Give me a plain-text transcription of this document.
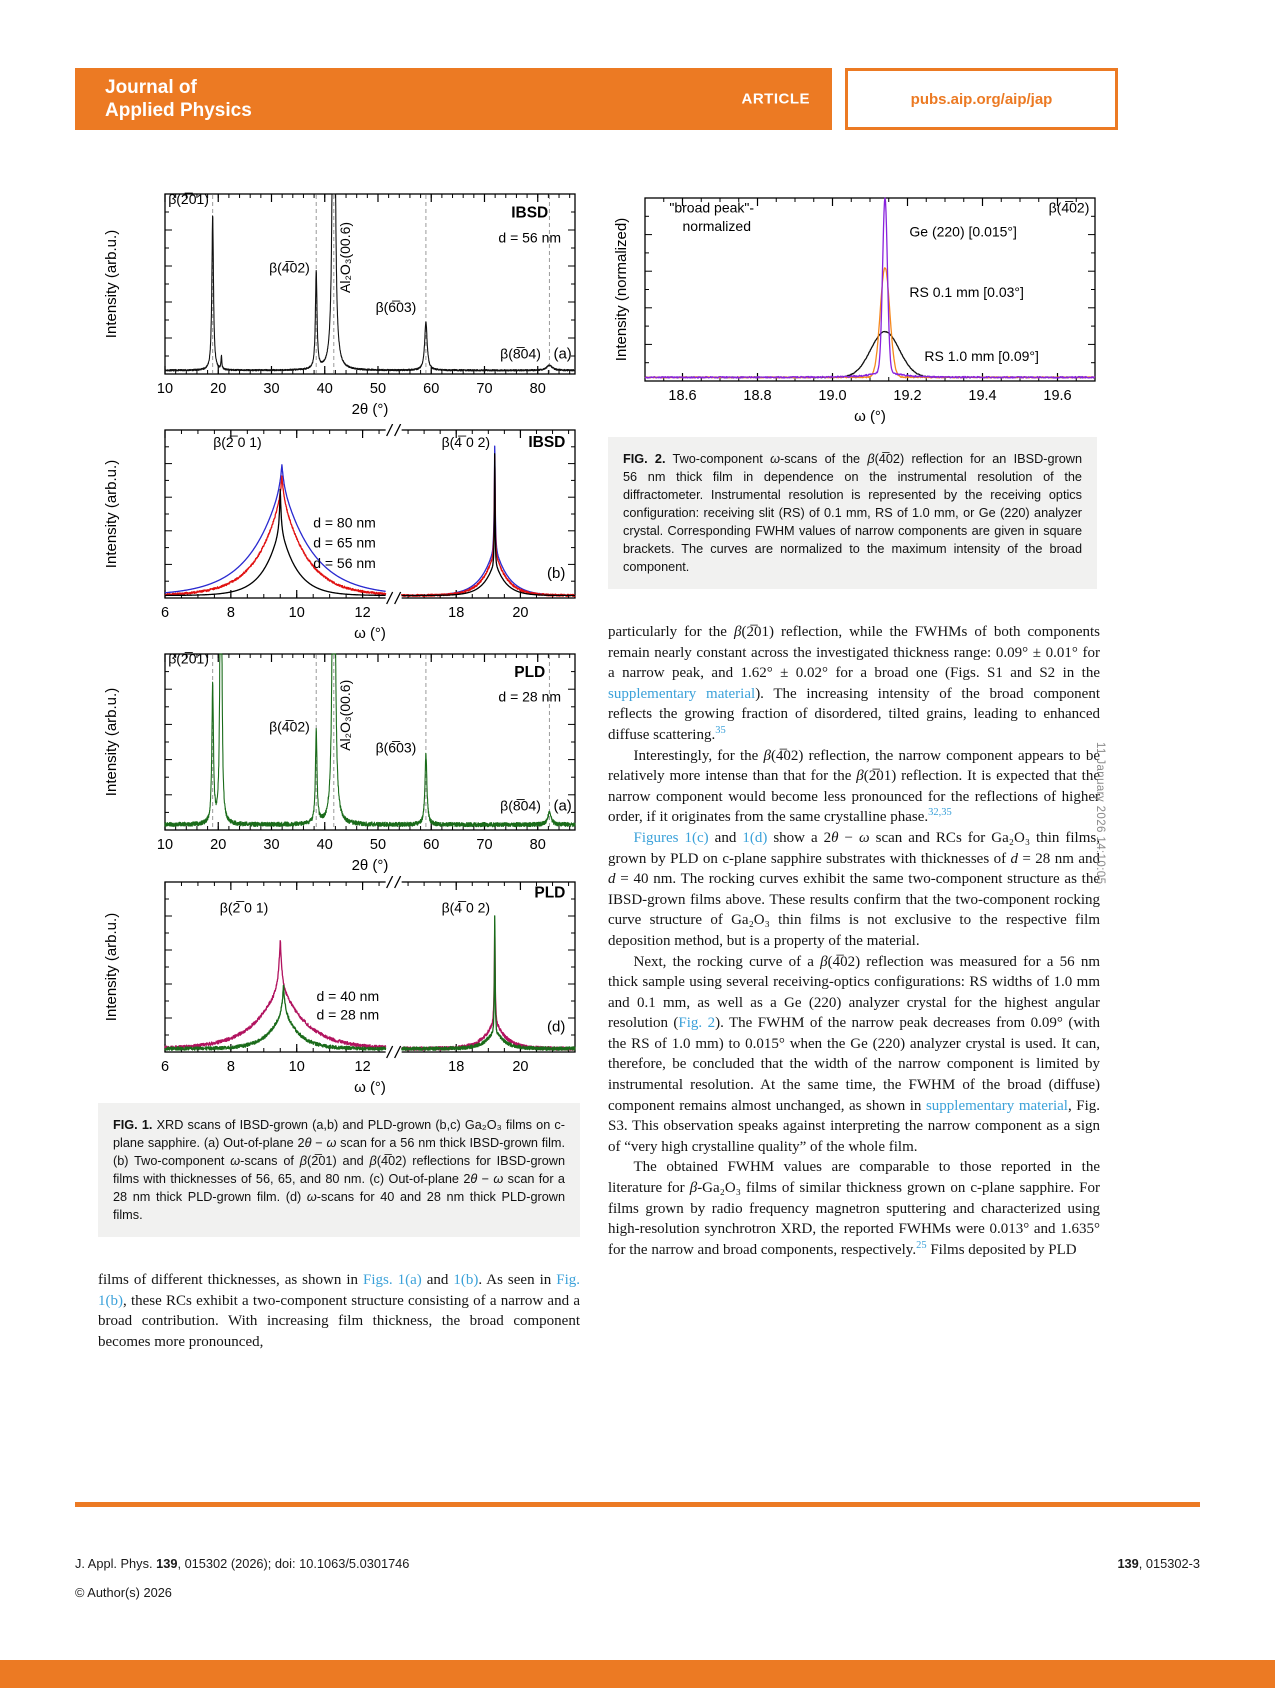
Journal of
Applied Physics
ARTICLE	pubs.aip.org/aip/jap
10	20	30	40	50	60	70	80
β(2̅01)
β(4̅02) Al₂O₃(00.6)
β(6̅03)
β(8̅04) (a)
IBSD
d = 56 nm
2θ (°)
Intensity (arb.u.)
6	8	10	12	18	20
β(2̅ 0 1)	β(4̅ 0 2) IBSD
d = 80 nm
d = 65 nm
d = 56 nm
(b)
ω (°)
Intensity (arb.u.)
10	20	30	40	50	60	70	80
β(2̅01)
β(4̅02) Al₂O₃(00.6) β(6̅03)
β(8̅04) (a)
PLD
d = 28 nm
2θ (°)
Intensity (arb.u.)
6	8	10	12	18	20
β(2̅ 0 1)	β(4̅ 0 2)
PLD
d = 40 nm
d = 28 nm
(d)
ω (°)
Intensity (arb.u.)
18.6	18.8	19.0	19.2	19.4	19.6
"broad peak"-
normalized
β(4̅02)
Ge (220) [0.015°]
RS 0.1 mm [0.03°]
RS 1.0 mm [0.09°]
ω (°)
Intensity (normalized)
FIG. 1. XRD scans of IBSD-grown (a,b) and PLD-grown (b,c) Ga₂O₃ films on c-plane sapphire. (a) Out-of-plane 2θ − ω scan for a 56 nm thick IBSD-grown film. (b) Two-component ω-scans of β(2̅01) and β(4̅02) reflections for IBSD-grown films with thicknesses of 56, 65, and 80 nm. (c) Out-of-plane 2θ − ω scan for a 28 nm thick PLD-grown film. (d) ω-scans for 40 and 28 nm thick PLD-grown films.
FIG. 2. Two-component ω-scans of the β(4̅02) reflection for an IBSD-grown 56 nm thick film in dependence on the instrumental resolution of the diffractometer. Instrumental resolution is represented by the receiving optics configuration: receiving slit (RS) of 0.1 mm, RS of 1.0 mm, or Ge (220) analyzer crystal. Corresponding FWHM values of narrow components are given in square brackets. The curves are normalized to the maximum intensity of the broad component.
films of different thicknesses, as shown in Figs. 1(a) and 1(b). As seen in Fig. 1(b), these RCs exhibit a two-component structure consisting of a narrow and a broad contribution. With increasing film thickness, the broad component becomes more pronounced,

particularly for the β(2̅01) reflection, while the FWHMs of both components remain nearly constant across the investigated thickness range: 0.09° ± 0.01° for a narrow peak, and 1.62° ± 0.02° for a broad one (Figs. S1 and S2 in the supplementary material). The increasing intensity of the broad component reflects the growing fraction of disordered, tilted grains, leading to enhanced diffuse scattering.$^{35}$

Interestingly, for the β(4̅02) reflection, the narrow component appears to be relatively more intense than that for the β(2̅01) reflection. It is expected that the narrow component would become less pronounced for the reflections of higher order, if it originates from the same crystalline phase.$^{32,35}$

Figures 1(c) and 1(d) show a 2θ − ω scan and RCs for Ga₂O₃ thin films, grown by PLD on c-plane sapphire substrates with thicknesses of d = 28 nm and d = 40 nm. The rocking curves exhibit the same two-component structure as the IBSD-grown films above. These results confirm that the two-component rocking curve structure of Ga₂O₃ thin films is not exclusive to the respective film deposition method, but is a property of the material.

Next, the rocking curve of a β(4̅02) reflection was measured for a 56 nm thick sample using several receiving-optics configurations: RS widths of 1.0 mm and 0.1 mm, as well as a Ge (220) analyzer crystal for the highest angular resolution (Fig. 2). The FWHM of the narrow peak decreases from 0.09° (with the RS of 1.0 mm) to 0.015° when the Ge (220) analyzer crystal is used. It can, therefore, be concluded that the width of the narrow component is limited by instrumental resolution. At the same time, the FWHM of the broad (diffuse) component remains almost unchanged, as shown in supplementary material, Fig. S3. This observation speaks against interpreting the narrow component as a sign of “very high crystalline quality” of the whole film.

The obtained FWHM values are comparable to those reported in the literature for β-Ga₂O₃ films of similar thickness grown on c-plane sapphire. For films grown by radio frequency magnetron sputtering and characterized using high-resolution synchrotron XRD, the reported FWHMs were 0.013° and 1.635° for the narrow and broad components, respectively.$^{25}$ Films deposited by PLD

11 January 2026 14:10:05
J. Appl. Phys. 139, 015302 (2026); doi: 10.1063/5.0301746
© Author(s) 2026
139, 015302-3
